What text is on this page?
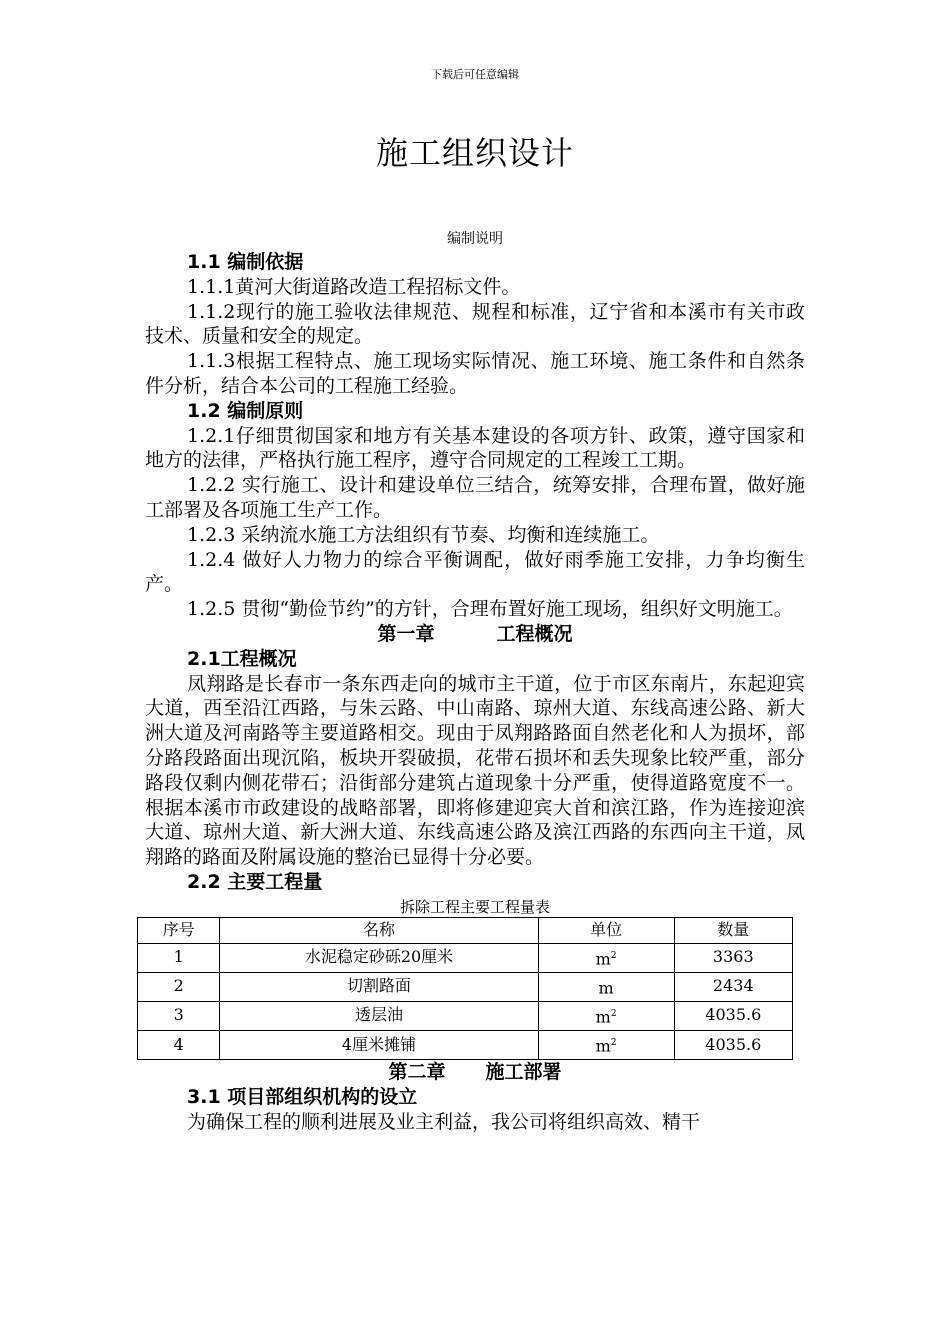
下载后可任意编辑
施工组织设计
编制说明

1.1 编制依据

1.1.1黄河大街道路改造工程招标文件。

1.1.2现行的施工验收法律规范、规程和标准，辽宁省和本溪市有关市政技术、质量和安全的规定。

1.1.3根据工程特点、施工现场实际情况、施工环境、施工条件和自然条件分析，结合本公司的工程施工经验。

1.2 编制原则

1.2.1仔细贯彻国家和地方有关基本建设的各项方针、政策，遵守国家和地方的法律，严格执行施工程序，遵守合同规定的工程竣工工期。

1.2.2 实行施工、设计和建设单位三结合，统筹安排，合理布置，做好施工部署及各项施工生产工作。

1.2.3 采纳流水施工方法组织有节奏、均衡和连续施工。

1.2.4 做好人力物力的综合平衡调配，做好雨季施工安排，力争均衡生产。

1.2.5 贯彻“勤俭节约”的方针，合理布置好施工现场，组织好文明施工。

第一章	工程概况

2.1工程概况

凤翔路是长春市一条东西走向的城市主干道，位于市区东南片，东起迎宾大道，西至沿江西路，与朱云路、中山南路、琼州大道、东线高速公路、新大洲大道及河南路等主要道路相交。现由于凤翔路路面自然老化和人为损坏，部分路段路面出现沉陷，板块开裂破损，花带石损坏和丢失现象比较严重，部分路段仅剩内侧花带石；沿街部分建筑占道现象十分严重，使得道路宽度不一。根据本溪市市政建设的战略部署，即将修建迎宾大首和滨江路，作为连接迎滨大道、琼州大道、新大洲大道、东线高速公路及滨江西路的东西向主干道，凤翔路的路面及附属设施的整治已显得十分必要。

2.2 主要工程量

拆除工程主要工程量表

序号	名称	单位	数量
1	水泥稳定砂砾20厘米	$m^2$	3363
2	切割路面	m	2434
3	透层油	$m^2$	4035.6
4	4厘米摊铺	$m^2$	4035.6

第二章 施工部署

3.1 项目部组织机构的设立

为确保工程的顺利进展及业主利益，我公司将组织高效、精干
